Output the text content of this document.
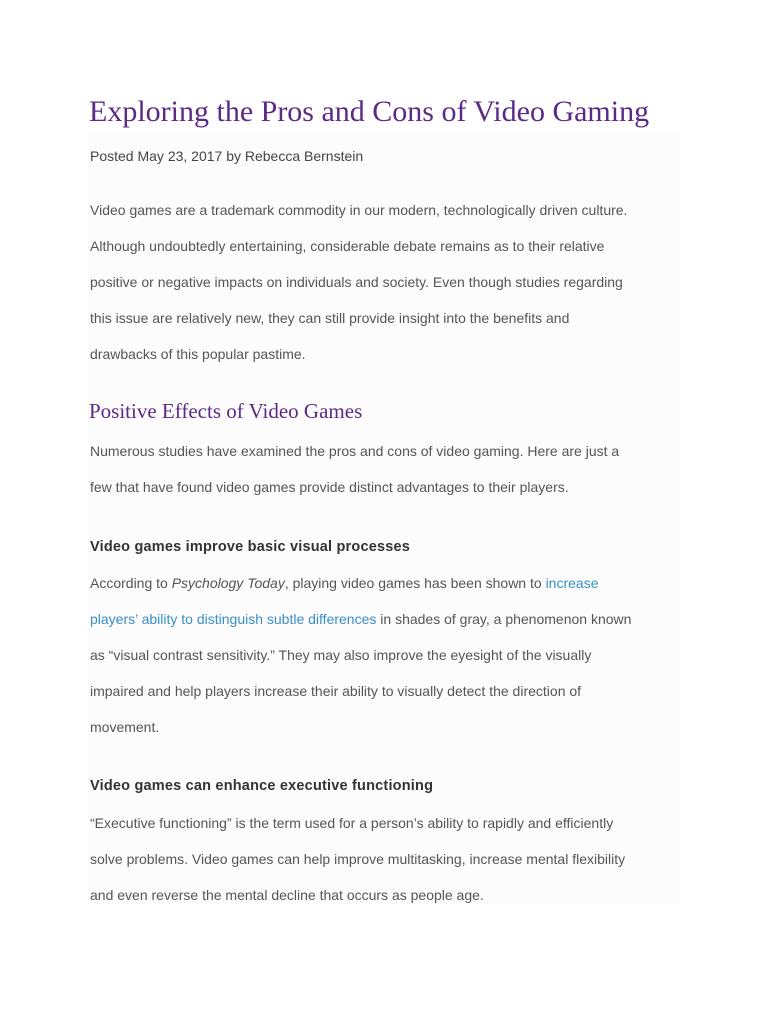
Exploring the Pros and Cons of Video Gaming
Posted May 23, 2017 by Rebecca Bernstein

Video games are a trademark commodity in our modern, technologically driven culture.
Although undoubtedly entertaining, considerable debate remains as to their relative
positive or negative impacts on individuals and society. Even though studies regarding
this issue are relatively new, they can still provide insight into the benefits and
drawbacks of this popular pastime.

Positive Effects of Video Games

Numerous studies have examined the pros and cons of video gaming. Here are just a
few that have found video games provide distinct advantages to their players.

Video games improve basic visual processes

According to Psychology Today, playing video games has been shown to increase
players’ ability to distinguish subtle differences in shades of gray, a phenomenon known
as “visual contrast sensitivity.” They may also improve the eyesight of the visually
impaired and help players increase their ability to visually detect the direction of
movement.

Video games can enhance executive functioning

“Executive functioning” is the term used for a person’s ability to rapidly and efficiently
solve problems. Video games can help improve multitasking, increase mental flexibility
and even reverse the mental decline that occurs as people age.
